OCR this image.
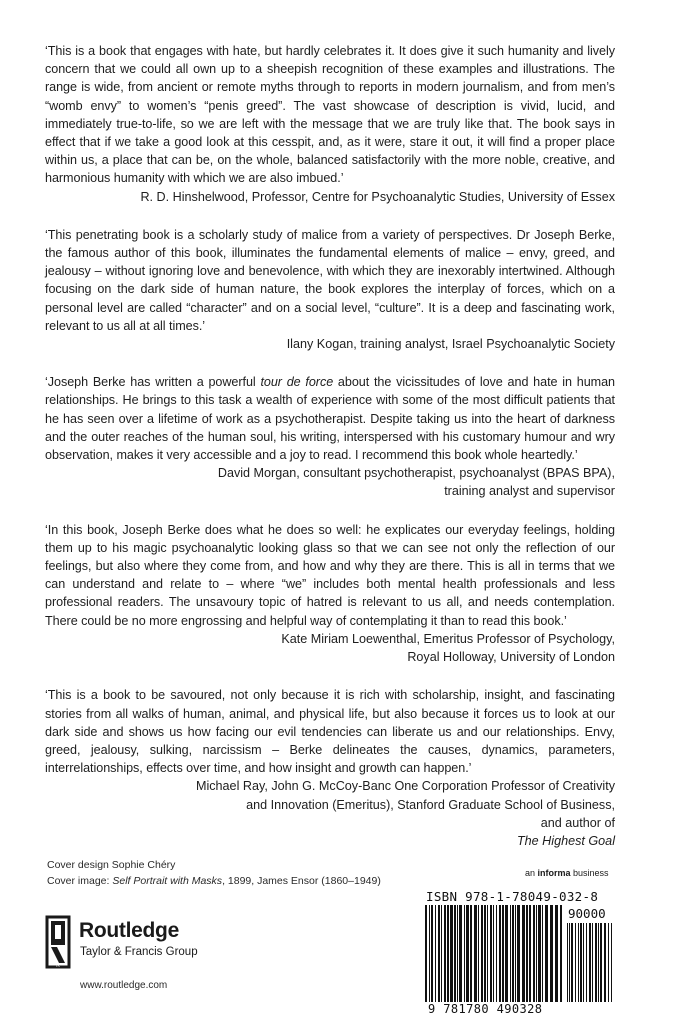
‘This is a book that engages with hate, but hardly celebrates it. It does give it such humanity and lively concern that we could all own up to a sheepish recognition of these examples and illustrations. The range is wide, from ancient or remote myths through to reports in modern journalism, and from men’s “womb envy” to women’s “penis greed”. The vast showcase of description is vivid, lucid, and immediately true-to-life, so we are left with the message that we are truly like that. The book says in effect that if we take a good look at this cesspit, and, as it were, stare it out, it will find a proper place within us, a place that can be, on the whole, balanced satisfactorily with the more noble, creative, and harmonious humanity with which we are also imbued.’

R. D. Hinshelwood, Professor, Centre for Psychoanalytic Studies, University of Essex

‘This penetrating book is a scholarly study of malice from a variety of perspectives. Dr Joseph Berke, the famous author of this book, illuminates the fundamental elements of malice – envy, greed, and jealousy – without ignoring love and benevolence, with which they are inexorably intertwined. Although focusing on the dark side of human nature, the book explores the interplay of forces, which on a personal level are called “character” and on a social level, “culture”. It is a deep and fascinating work, relevant to us all at all times.’

Ilany Kogan, training analyst, Israel Psychoanalytic Society

‘Joseph Berke has written a powerful tour de force about the vicissitudes of love and hate in human relationships. He brings to this task a wealth of experience with some of the most difficult patients that he has seen over a lifetime of work as a psychotherapist. Despite taking us into the heart of darkness and the outer reaches of the human soul, his writing, interspersed with his customary humour and wry observation, makes it very accessible and a joy to read. I recommend this book whole heartedly.’

David Morgan, consultant psychotherapist, psychoanalyst (BPAS BPA),
training analyst and supervisor

‘In this book, Joseph Berke does what he does so well: he explicates our everyday feelings, holding them up to his magic psychoanalytic looking glass so that we can see not only the reflection of our feelings, but also where they come from, and how and why they are there. This is all in terms that we can understand and relate to – where “we” includes both mental health professionals and less professional readers. The unsavoury topic of hatred is relevant to us all, and needs contemplation. There could be no more engrossing and helpful way of contemplating it than to read this book.’

Kate Miriam Loewenthal, Emeritus Professor of Psychology,
Royal Holloway, University of London

‘This is a book to be savoured, not only because it is rich with scholarship, insight, and fascinating stories from all walks of human, animal, and physical life, but also because it forces us to look at our dark side and shows us how facing our evil tendencies can liberate us and our relationships. Envy, greed, jealousy, sulking, narcissism – Berke delineates the causes, dynamics, parameters, interrelationships, effects over time, and how insight and growth can happen.’

Michael Ray, John G. McCoy-Banc One Corporation Professor of Creativity
and Innovation (Emeritus), Stanford Graduate School of Business,
and author of
The Highest Goal

Cover design Sophie Chéry
Cover image: Self Portrait with Masks, 1899, James Ensor (1860–1949)
R
Routledge
Taylor & Francis Group
www.routledge.com
an informa business
ISBN 978-1-78049-032-8
90000
9 781780 490328
